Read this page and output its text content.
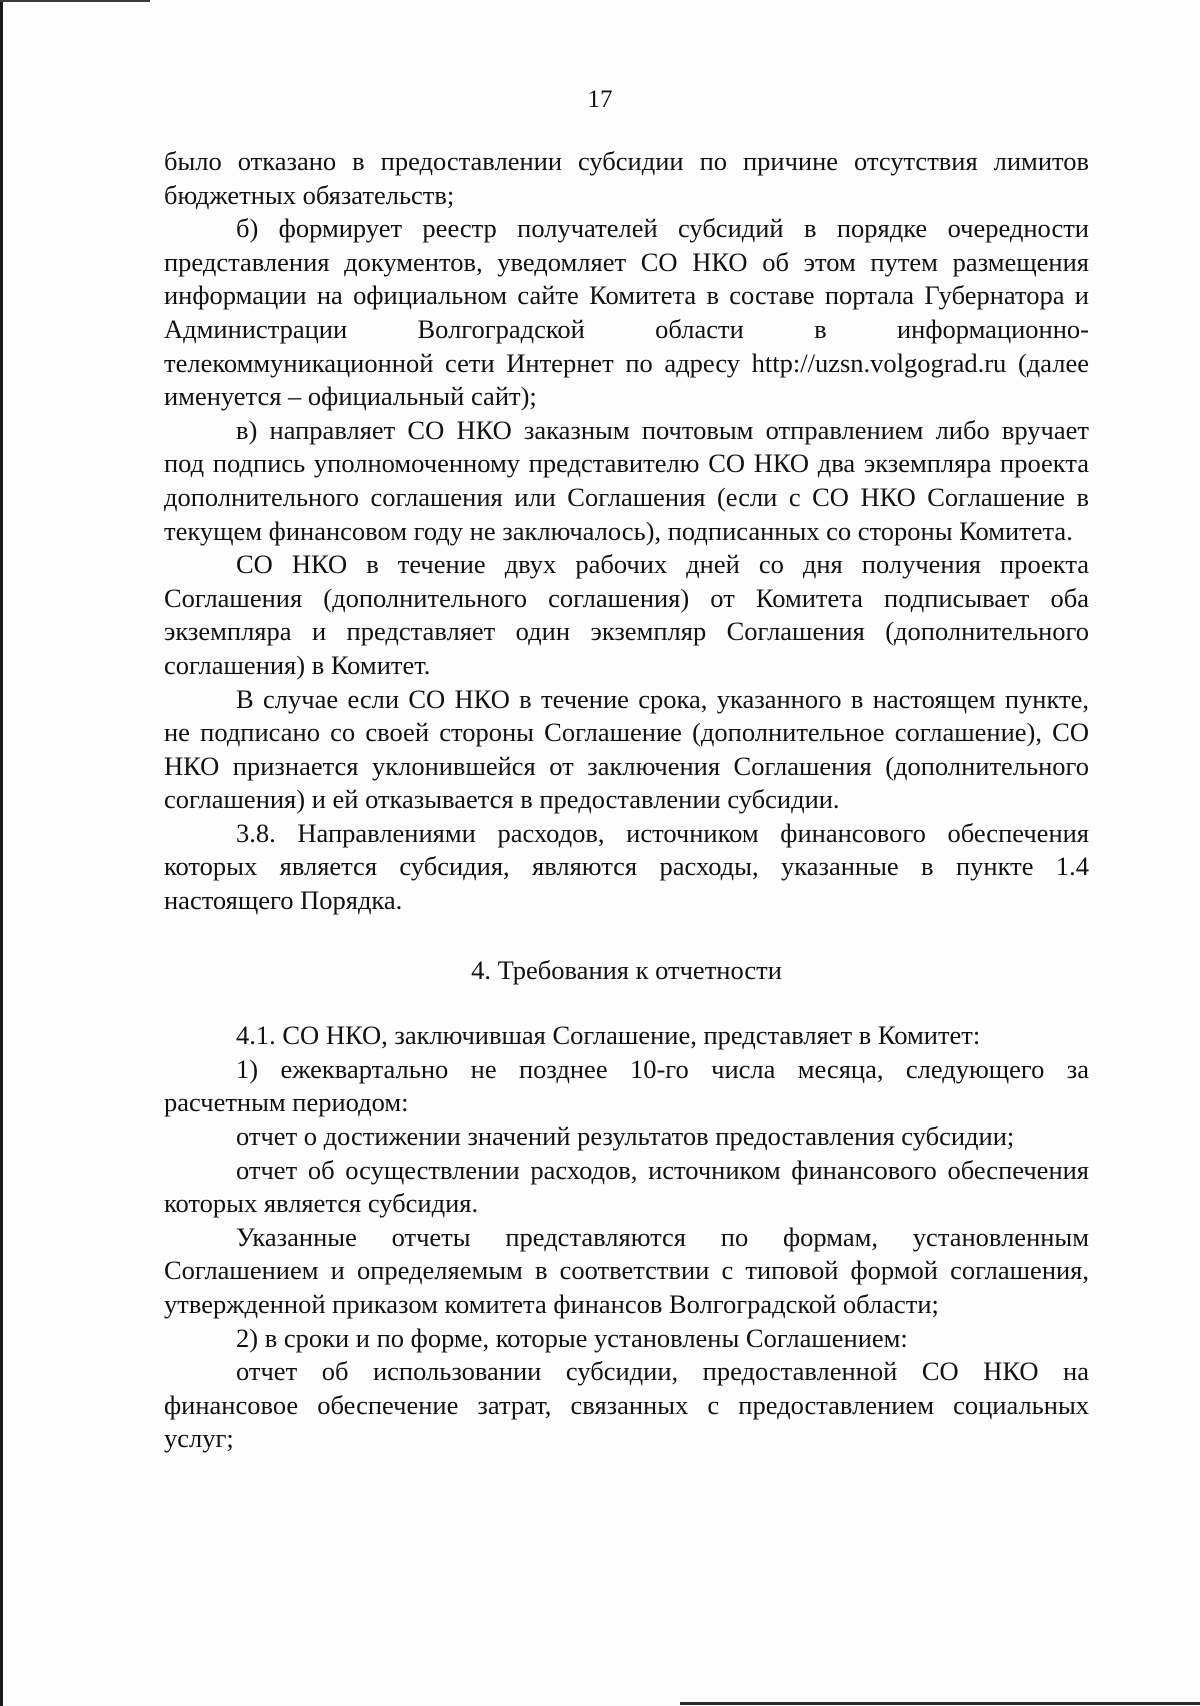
17

было отказано в предоставлении субсидии по причине отсутствия лимитов бюджетных обязательств;

б) формирует реестр получателей субсидий в порядке очередности представления документов, уведомляет СО НКО об этом путем размещения информации на официальном сайте Комитета в составе портала Губернатора и Администрации Волгоградской области в информационно-телекоммуникационной сети Интернет по адресу http://uzsn.volgograd.ru (далее именуется – официальный сайт);

в) направляет СО НКО заказным почтовым отправлением либо вручает под подпись уполномоченному представителю СО НКО два экземпляра проекта дополнительного соглашения или Соглашения (если с СО НКО Соглашение в текущем финансовом году не заключалось), подписанных со стороны Комитета.

СО НКО в течение двух рабочих дней со дня получения проекта Соглашения (дополнительного соглашения) от Комитета подписывает оба экземпляра и представляет один экземпляр Соглашения (дополнительного соглашения) в Комитет.

В случае если СО НКО в течение срока, указанного в настоящем пункте, не подписано со своей стороны Соглашение (дополнительное соглашение), СО НКО признается уклонившейся от заключения Соглашения (дополнительного соглашения) и ей отказывается в предоставлении субсидии.

3.8. Направлениями расходов, источником финансового обеспечения которых является субсидия, являются расходы, указанные в пункте 1.4 настоящего Порядка.

4. Требования к отчетности

4.1. СО НКО, заключившая Соглашение, представляет в Комитет:

1) ежеквартально не позднее 10-го числа месяца, следующего за расчетным периодом:

отчет о достижении значений результатов предоставления субсидии;

отчет об осуществлении расходов, источником финансового обеспечения которых является субсидия.

Указанные отчеты представляются по формам, установленным Соглашением и определяемым в соответствии с типовой формой соглашения, утвержденной приказом комитета финансов Волгоградской области;

2) в сроки и по форме, которые установлены Соглашением:

отчет об использовании субсидии, предоставленной СО НКО на финансовое обеспечение затрат, связанных с предоставлением социальных услуг;
